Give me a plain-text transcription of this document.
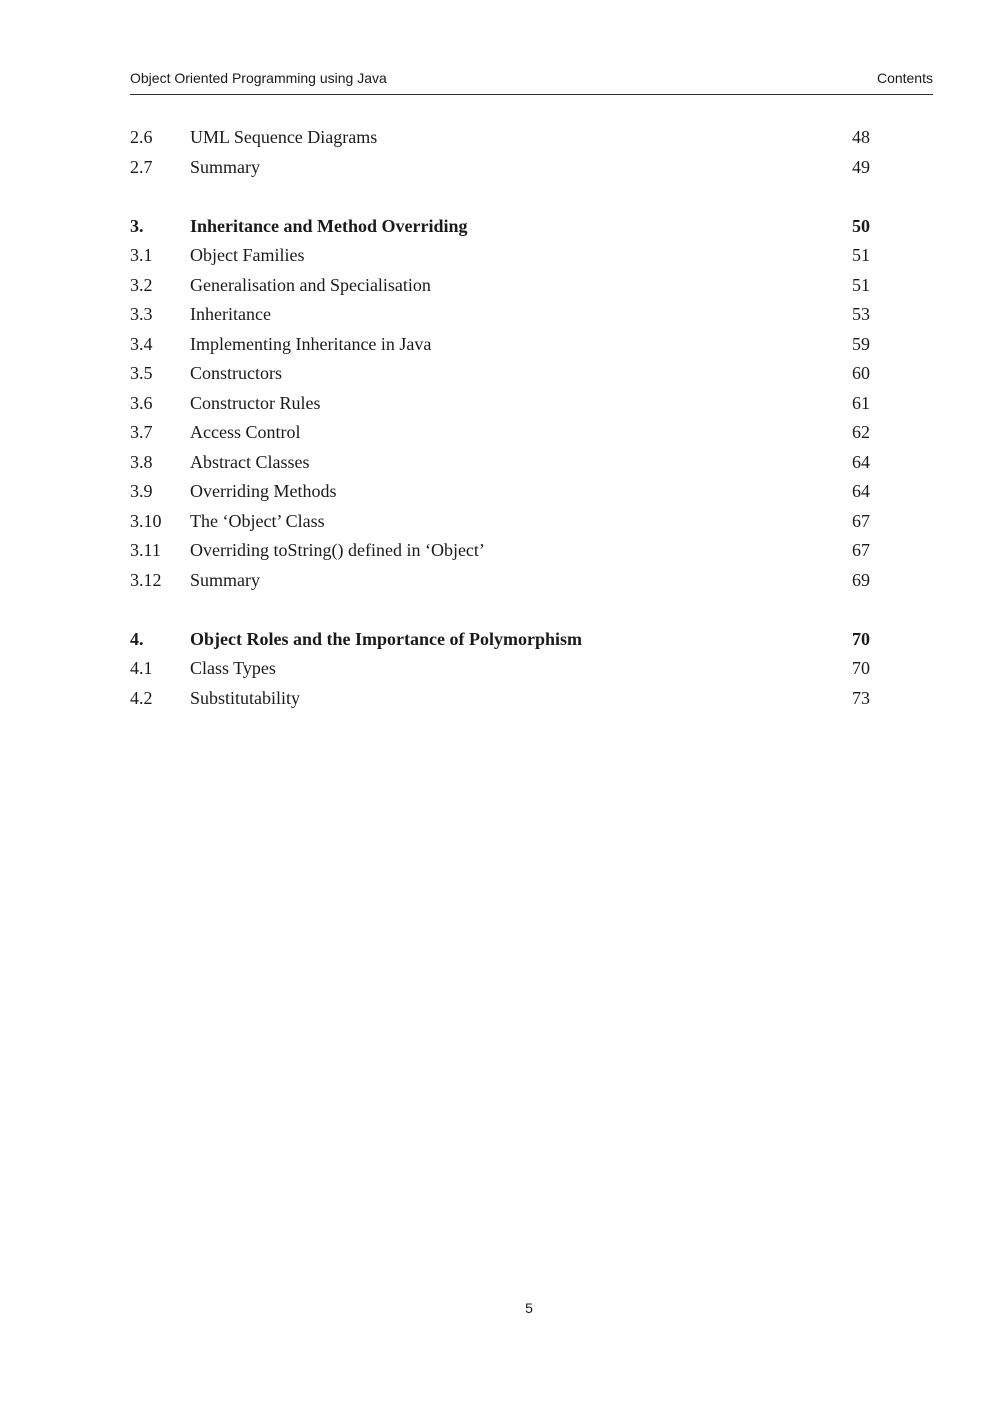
Object Oriented Programming using Java	Contents
2.6 UML Sequence Diagrams	48
2.7 Summary	49
3.	Inheritance and Method Overriding	50
3.1 Object Families	51
3.2 Generalisation and Specialisation	51
3.3 Inheritance	53
3.4 Implementing Inheritance in Java	59
3.5 Constructors	60
3.6 Constructor Rules	61
3.7 Access Control	62
3.8 Abstract Classes	64
3.9 Overriding Methods	64
3.10 The ‘Object’ Class	67
3.11 Overriding toString() defined in ‘Object’	67
3.12 Summary	69
4.	Object Roles and the Importance of Polymorphism	70
4.1 Class Types	70
4.2 Substitutability	73
5
